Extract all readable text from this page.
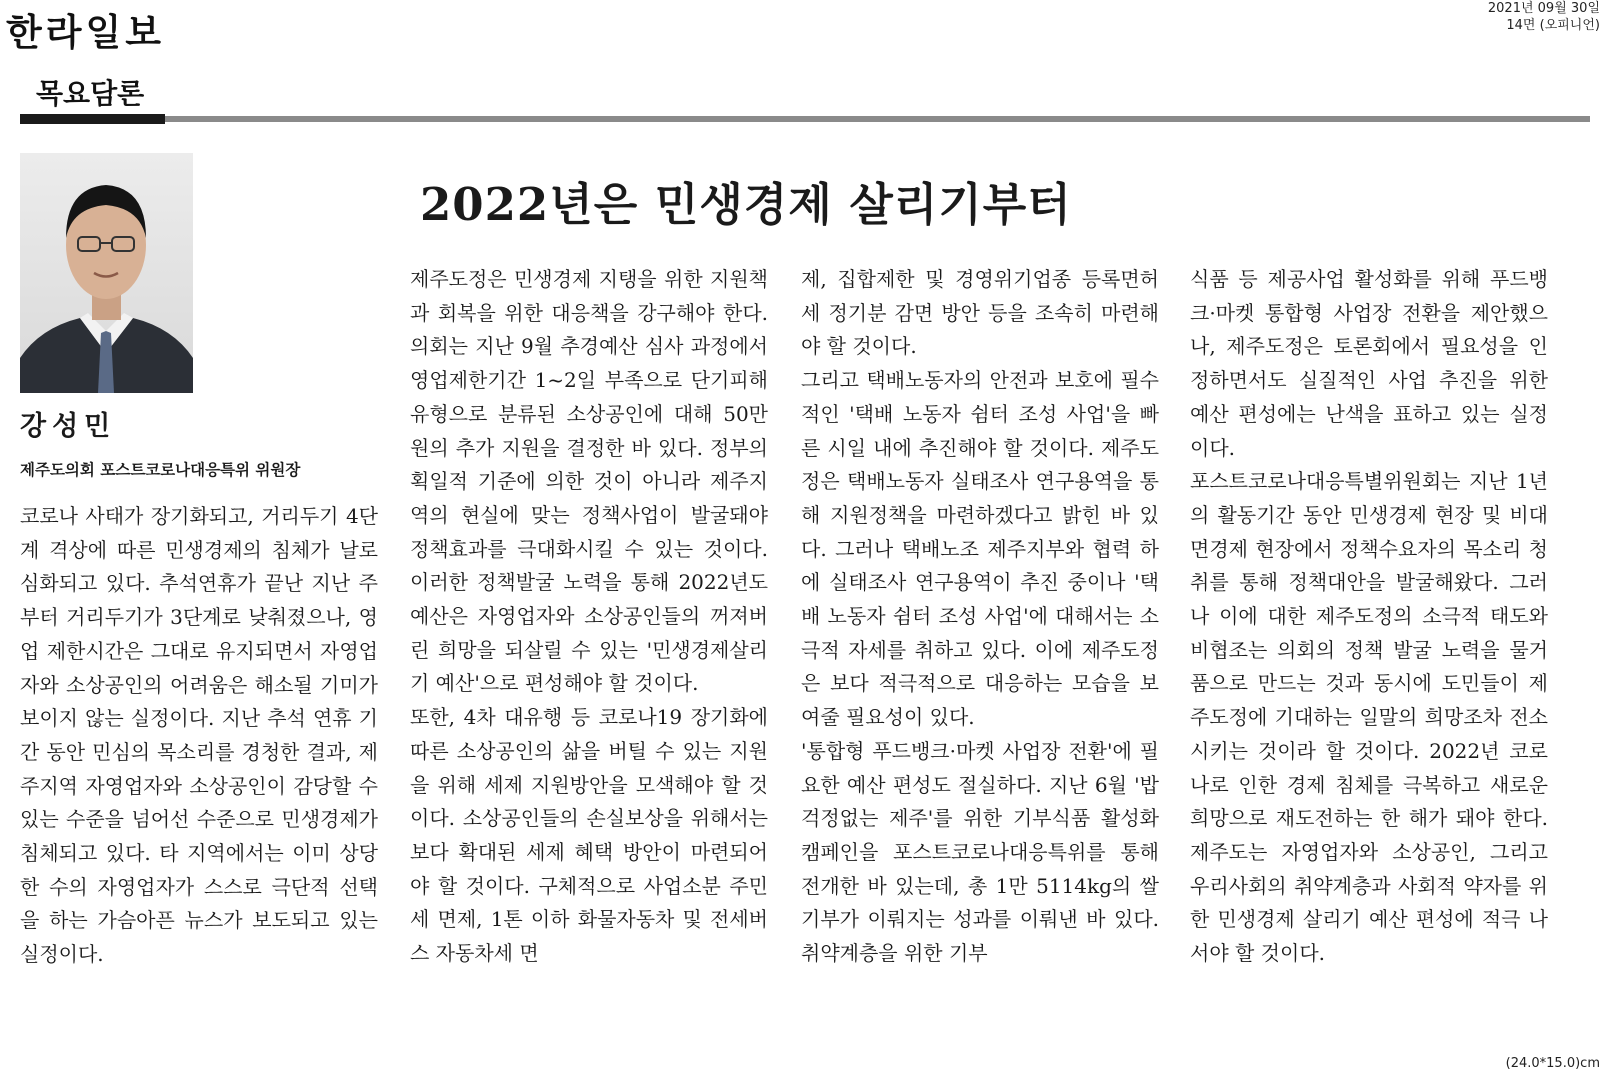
한라일보
2021년 09월 30일
14면 (오피니언)
목요담론
강성민
제주도의회 포스트코로나대응특위 위원장
2022년은 민생경제 살리기부터

코로나 사태가 장기화되고, 거리두기 4단계 격상에 따른 민생경제의 침체가 날로 심화되고 있다. 추석연휴가 끝난 지난 주부터 거리두기가 3단계로 낮춰졌으나, 영업 제한시간은 그대로 유지되면서 자영업자와 소상공인의 어려움은 해소될 기미가 보이지 않는 실정이다. 지난 추석 연휴 기간 동안 민심의 목소리를 경청한 결과, 제주지역 자영업자와 소상공인이 감당할 수 있는 수준을 넘어선 수준으로 민생경제가 침체되고 있다. 타 지역에서는 이미 상당한 수의 자영업자가 스스로 극단적 선택을 하는 가슴아픈 뉴스가 보도되고 있는 실정이다.

제주도정은 민생경제 지탱을 위한 지원책과 회복을 위한 대응책을 강구해야 한다. 의회는 지난 9월 추경예산 심사 과정에서 영업제한기간 1~2일 부족으로 단기피해유형으로 분류된 소상공인에 대해 50만원의 추가 지원을 결정한 바 있다. 정부의 획일적 기준에 의한 것이 아니라 제주지역의 현실에 맞는 정책사업이 발굴돼야 정책효과를 극대화시킬 수 있는 것이다. 이러한 정책발굴 노력을 통해 2022년도 예산은 자영업자와 소상공인들의 꺼져버린 희망을 되살릴 수 있는 '민생경제살리기 예산'으로 편성해야 할 것이다.

또한, 4차 대유행 등 코로나19 장기화에 따른 소상공인의 삶을 버틸 수 있는 지원을 위해 세제 지원방안을 모색해야 할 것이다. 소상공인들의 손실보상을 위해서는 보다 확대된 세제 혜택 방안이 마련되어야 할 것이다. 구체적으로 사업소분 주민세 면제, 1톤 이하 화물자동차 및 전세버스 자동차세 면

제, 집합제한 및 경영위기업종 등록면허세 정기분 감면 방안 등을 조속히 마련해야 할 것이다.

그리고 택배노동자의 안전과 보호에 필수적인 '택배 노동자 쉼터 조성 사업'을 빠른 시일 내에 추진해야 할 것이다. 제주도정은 택배노동자 실태조사 연구용역을 통해 지원정책을 마련하겠다고 밝힌 바 있다. 그러나 택배노조 제주지부와 협력 하에 실태조사 연구용역이 추진 중이나 '택배 노동자 쉼터 조성 사업'에 대해서는 소극적 자세를 취하고 있다. 이에 제주도정은 보다 적극적으로 대응하는 모습을 보여줄 필요성이 있다.

'통합형 푸드뱅크·마켓 사업장 전환'에 필요한 예산 편성도 절실하다. 지난 6월 '밥걱정없는 제주'를 위한 기부식품 활성화 캠페인을 포스트코로나대응특위를 통해 전개한 바 있는데, 총 1만 5114kg의 쌀 기부가 이뤄지는 성과를 이뤄낸 바 있다. 취약계층을 위한 기부

식품 등 제공사업 활성화를 위해 푸드뱅크·마켓 통합형 사업장 전환을 제안했으나, 제주도정은 토론회에서 필요성을 인정하면서도 실질적인 사업 추진을 위한 예산 편성에는 난색을 표하고 있는 실정이다.

포스트코로나대응특별위원회는 지난 1년의 활동기간 동안 민생경제 현장 및 비대면경제 현장에서 정책수요자의 목소리 청취를 통해 정책대안을 발굴해왔다. 그러나 이에 대한 제주도정의 소극적 태도와 비협조는 의회의 정책 발굴 노력을 물거품으로 만드는 것과 동시에 도민들이 제주도정에 기대하는 일말의 희망조차 전소시키는 것이라 할 것이다. 2022년 코로나로 인한 경제 침체를 극복하고 새로운 희망으로 재도전하는 한 해가 돼야 한다. 제주도는 자영업자와 소상공인, 그리고 우리사회의 취약계층과 사회적 약자를 위한 민생경제 살리기 예산 편성에 적극 나서야 할 것이다.

(24.0*15.0)cm
